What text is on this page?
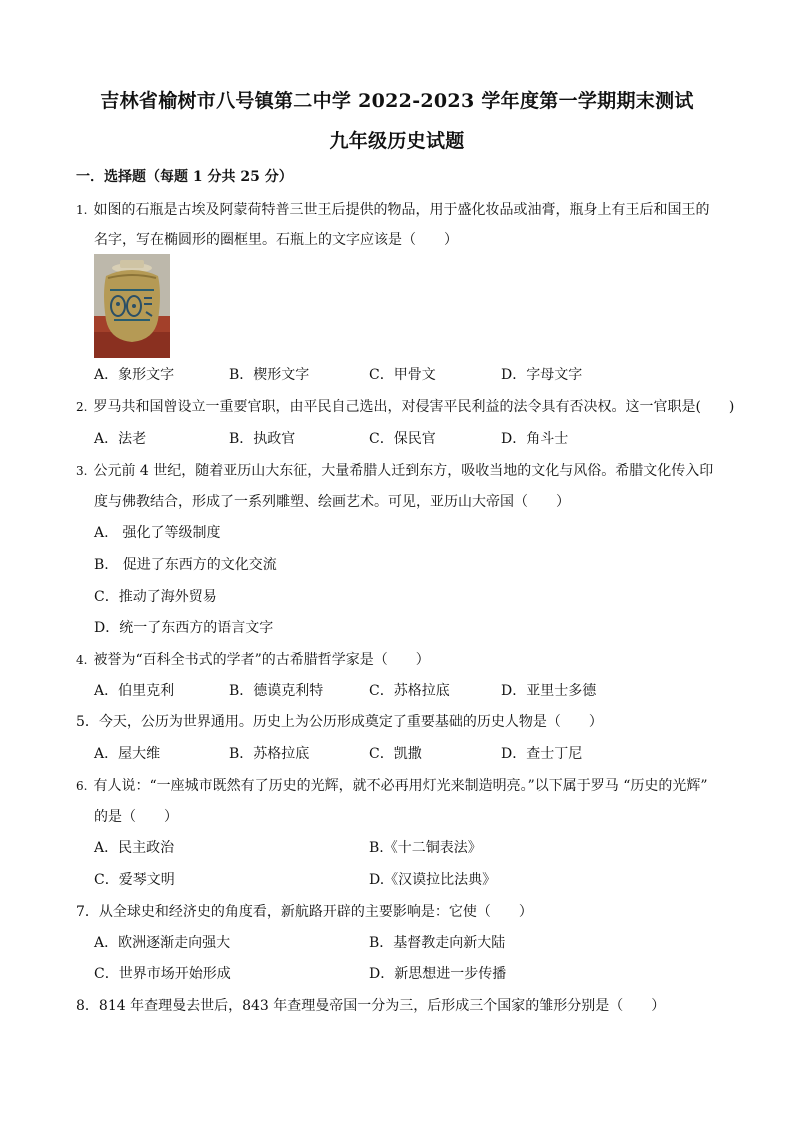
吉林省榆树市八号镇第二中学 2022-2023 学年度第一学期期末测试
九年级历史试题
一．选择题（每题 1 分共 25 分）
1. 如图的石瓶是古埃及阿蒙荷特普三世王后提供的物品，用于盛化妆品或油膏，瓶身上有王后和国王的
名字，写在椭圆形的圈框里。石瓶上的文字应该是（　　）
A．象形文字	B．楔形文字	C．甲骨文	D．字母文字
2. 罗马共和国曾设立一重要官职，由平民自己选出，对侵害平民利益的法令具有否决权。这一官职是(　　)
A．法老	B．执政官	C．保民官	D．角斗士
3. 公元前 4 世纪，随着亚历山大东征，大量希腊人迁到东方，吸收当地的文化与风俗。希腊文化传入印
度与佛教结合，形成了一系列雕塑、绘画艺术。可见，亚历山大帝国（　　）
A.　强化了等级制度
B.　促进了东西方的文化交流
C．推动了海外贸易
D．统一了东西方的语言文字
4. 被誉为“百科全书式的学者”的古希腊哲学家是（　　）
A．伯里克利	B．德谟克利特	C．苏格拉底	D．亚里士多德
5．今天，公历为世界通用。历史上为公历形成奠定了重要基础的历史人物是（　　）
A．屋大维	B．苏格拉底	C．凯撒	D．查士丁尼
6. 有人说：“一座城市既然有了历史的光辉，就不必再用灯光来制造明亮。”以下属于罗马 “历史的光辉”
的是（　　）
A．民主政治	B.《十二铜表法》
C．爱琴文明	D.《汉谟拉比法典》
7．从全球史和经济史的角度看，新航路开辟的主要影响是：它使（　　）
A．欧洲逐渐走向强大	B．基督教走向新大陆
C．世界市场开始形成	D．新思想进一步传播
8．814 年查理曼去世后，843 年查理曼帝国一分为三，后形成三个国家的雏形分别是（　　）
